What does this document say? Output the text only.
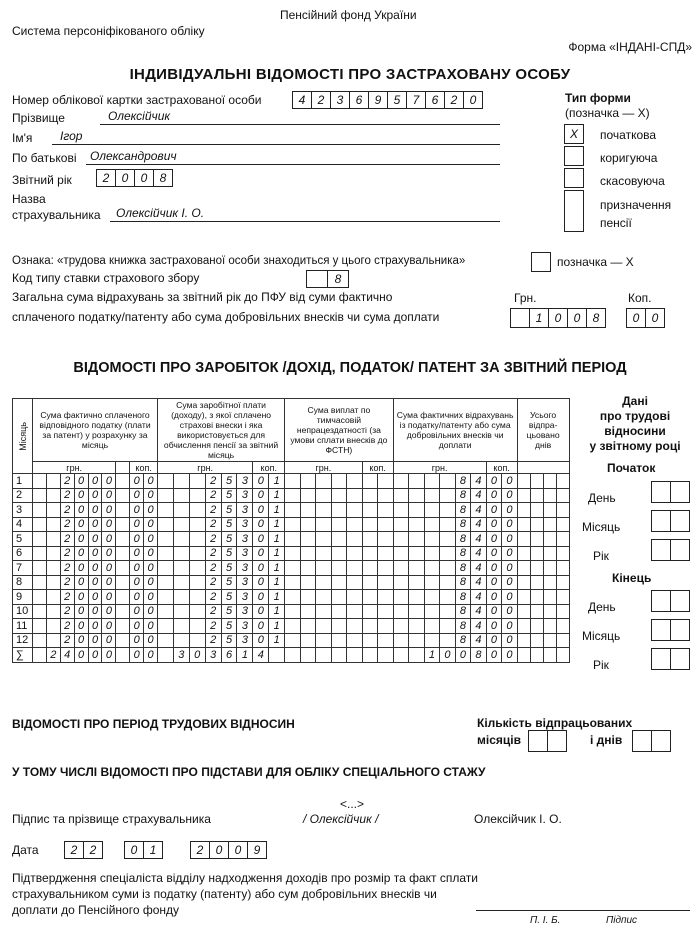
Пенсійний фонд України
Система персоніфікованого обліку
Форма «ІНДАНІ-СПД»
ІНДИВІДУАЛЬНІ ВІДОМОСТІ ПРО ЗАСТРАХОВАНУ ОСОБУ
Номер облікової картки застрахованої особи	4	2	3	6	9	5	7	6	2	0
Прізвище	Олексійчик
Ім'я	Ігор
По батькові	Олександрович
Звітний рік	2	0	0	8
Назва
страхувальника	Олексійчик І. О.
Тип форми
(позначка — Х)
Х	початкова
коригуюча
скасовуюча
призначення пенсії
Ознака: «трудова книжка застрахованої особи знаходиться у цього страхувальника»	позначка — Х
Код типу ставки страхового збору	8
Загальна сума відрахувань за звітний рік до ПФУ від суми фактично
сплаченого податку/патенту або сума добровільних внесків чи сума доплати
Грн.	Коп.
1	0	0	8	0	0
ВІДОМОСТІ ПРО ЗАРОБІТОК /ДОХІД, ПОДАТОК/ ПАТЕНТ ЗА ЗВІТНИЙ ПЕРІОД
Місяць	Сума фактично сплаченого відповідного податку (плати за патент) у розрахунку за місяць									Сума заробітної плати (доходу), з якої сплачено страхові внески і яка використовується для обчислення пенсії за звітний місяць								Сума виплат по тимчасовій непрацездатності (за умови сплати внесків до ФСТН)							Сума фактичних відрахувань із податку/патенту або сума добровільних внесків чи доплати								Усього відпра-цьовано днів			
	грн.							коп.		грн.						коп.		грн.					коп.		грн.						коп.					
1			2	0	0	0		0	0				2	5	3	0	1												8	4	0	0				
2			2	0	0	0		0	0				2	5	3	0	1												8	4	0	0				
3			2	0	0	0		0	0				2	5	3	0	1												8	4	0	0				
4			2	0	0	0		0	0				2	5	3	0	1												8	4	0	0				
5			2	0	0	0		0	0				2	5	3	0	1												8	4	0	0				
6			2	0	0	0		0	0				2	5	3	0	1												8	4	0	0				
7			2	0	0	0		0	0				2	5	3	0	1												8	4	0	0				
8			2	0	0	0		0	0				2	5	3	0	1												8	4	0	0				
9			2	0	0	0		0	0				2	5	3	0	1												8	4	0	0				
10			2	0	0	0		0	0				2	5	3	0	1												8	4	0	0				
11			2	0	0	0		0	0				2	5	3	0	1												8	4	0	0				
12			2	0	0	0		0	0				2	5	3	0	1												8	4	0	0				
∑		2	4	0	0	0		0	0		3	0	3	6	1	4											1	0	0	8	0	0				
Дані
про трудові
відносини
у звітному році
Початок
День
Місяць
Рік
Кінець
День
Місяць
Рік
ВІДОМОСТІ ПРО ПЕРІОД ТРУДОВИХ ВІДНОСИН	Кількість відпрацьованих
місяців	і днів
У ТОМУ ЧИСЛІ ВІДОМОСТІ ПРО ПІДСТАВИ ДЛЯ ОБЛІКУ СПЕЦІАЛЬНОГО СТАЖУ
<...>
Підпис та прізвище страхувальника	/ Олексійчик /	Олексійчик І. О.
Дата	2	2	0	1	2	0	0	9
Підтвердження спеціаліста відділу надходження доходів про розмір та факт сплати страхувальником суми із податку (патенту) або сум добровільних внесків чи доплати до Пенсійного фонду
П. І. Б.	Підпис
